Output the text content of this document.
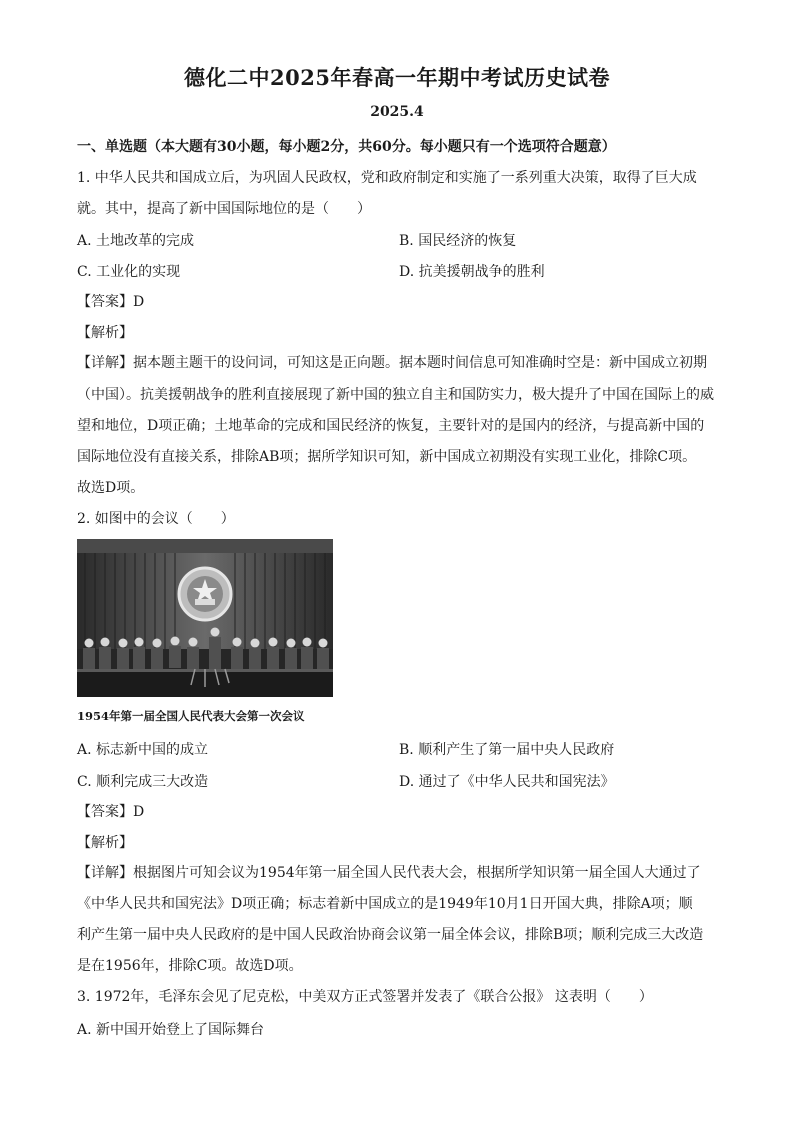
德化二中2025年春高一年期中考试历史试卷
2025.4
一、单选题（本大题有30小题，每小题2分，共60分。每小题只有一个选项符合题意）
1. 中华人民共和国成立后，为巩固人民政权，党和政府制定和实施了一系列重大决策，取得了巨大成
就。其中，提高了新中国国际地位的是（　　）
A. 土地改革的完成	B. 国民经济的恢复
C. 工业化的实现	D. 抗美援朝战争的胜利
【答案】D
【解析】
【详解】据本题主题干的设问词，可知这是正向题。据本题时间信息可知准确时空是：新中国成立初期
（中国）。抗美援朝战争的胜利直接展现了新中国的独立自主和国防实力，极大提升了中国在国际上的威
望和地位，D项正确；土地革命的完成和国民经济的恢复，主要针对的是国内的经济，与提高新中国的
国际地位没有直接关系，排除AB项；据所学知识可知，新中国成立初期没有实现工业化，排除C项。
故选D项。
2. 如图中的会议（　　）
1954年第一届全国人民代表大会第一次会议
A. 标志新中国的成立	B. 顺利产生了第一届中央人民政府
C. 顺利完成三大改造	D. 通过了《中华人民共和国宪法》
【答案】D
【解析】
【详解】根据图片可知会议为1954年第一届全国人民代表大会，根据所学知识第一届全国人大通过了
《中华人民共和国宪法》D项正确；标志着新中国成立的是1949年10月1日开国大典，排除A项；顺
利产生第一届中央人民政府的是中国人民政治协商会议第一届全体会议，排除B项；顺利完成三大改造
是在1956年，排除C项。故选D项。
3. 1972年，毛泽东会见了尼克松，中美双方正式签署并发表了《联合公报》 这表明（　　）
A. 新中国开始登上了国际舞台
